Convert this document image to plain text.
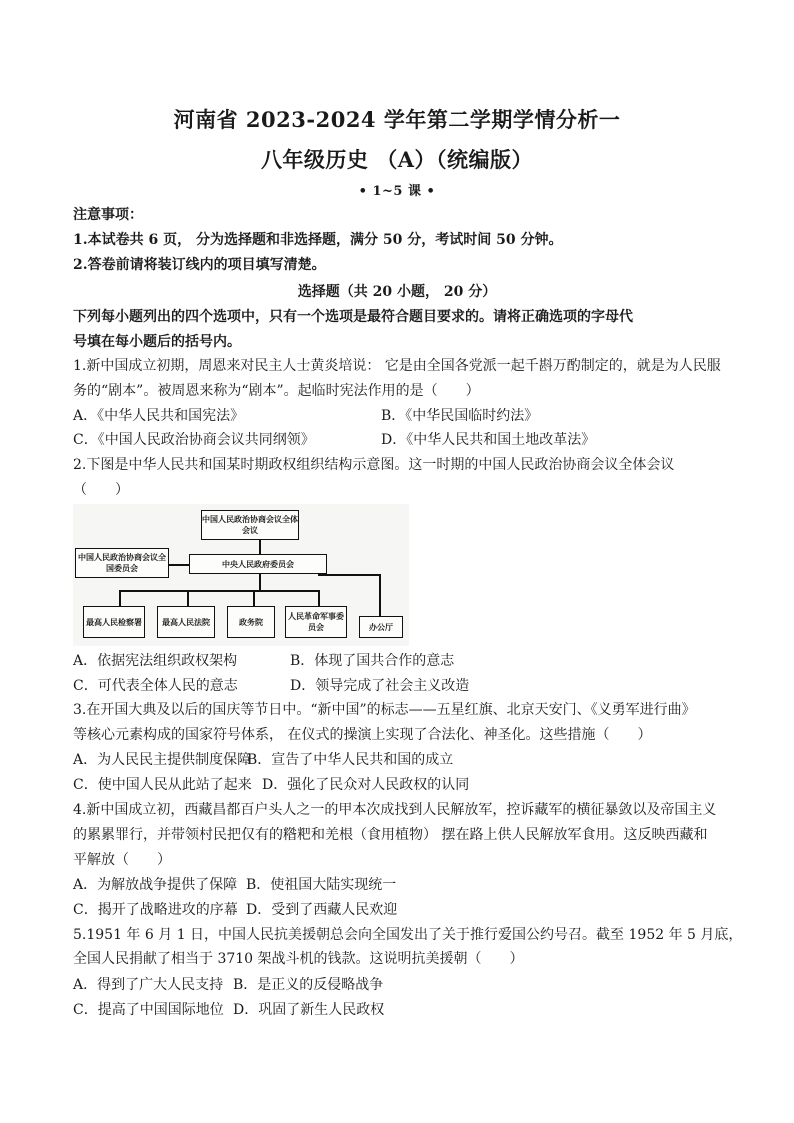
河南省 2023-2024 学年第二学期学情分析一
八年级历史 （A）（统编版）
• 1~5 课 •
注意事项：
1.本试卷共 6 页， 分为选择题和非选择题，满分 50 分，考试时间 50 分钟。
2.答卷前请将装订线内的项目填写清楚。
选择题（共 20 小题， 20 分）
下列每小题列出的四个选项中，只有一个选项是最符合题目要求的。请将正确选项的字母代
号填在每小题后的括号内。
1.新中国成立初期，周恩来对民主人士黄炎培说： 它是由全国各党派一起千斟万酌制定的，就是为人民服
务的“剧本”。被周恩来称为“剧本”。起临时宪法作用的是（　　）
A．《中华人民共和国宪法》	B．《中华民国临时约法》
C．《中国人民政治协商会议共同纲领》	D．《中华人民共和国土地改革法》
2.下图是中华人民共和国某时期政权组织结构示意图。这一时期的中国人民政治协商会议全体会议
（　　）
中国人民政治协商会议全体会议
中国人民政治协商会议全国委员会	中央人民政府委员会
最高人民检察署	最高人民法院	政务院
人民革命军事委员会	办公厅
A．依据宪法组织政权架构	B．体现了国共合作的意志
C．可代表全体人民的意志	D．领导完成了社会主义改造
3.在开国大典及以后的国庆等节日中。“新中国”的标志——五星红旗、北京天安门、《义勇军进行曲》
等核心元素构成的国家符号体系， 在仪式的操演上实现了合法化、神圣化。这些措施（　　）
A．为人民民主提供制度保障
B．宣告了中华人民共和国的成立
C．使中国人民从此站了起来 D．强化了民众对人民政权的认同
4.新中国成立初，西藏昌都百户头人之一的甲本次成找到人民解放军，控诉藏军的横征暴敛以及帝国主义
的累累罪行，并带领村民把仅有的糌粑和羌根（食用植物） 摆在路上供人民解放军食用。这反映西藏和
平解放（　　）
A．为解放战争提供了保障 B．使祖国大陆实现统一
C．揭开了战略进攻的序幕 D．受到了西藏人民欢迎
5.1951 年 6 月 1 日，中国人民抗美援朝总会向全国发出了关于推行爱国公约号召。截至 1952 年 5 月底，
全国人民捐献了相当于 3710 架战斗机的钱款。这说明抗美援朝（　　）
A．得到了广大人民支持 B．是正义的反侵略战争
C．提高了中国国际地位 D．巩固了新生人民政权
